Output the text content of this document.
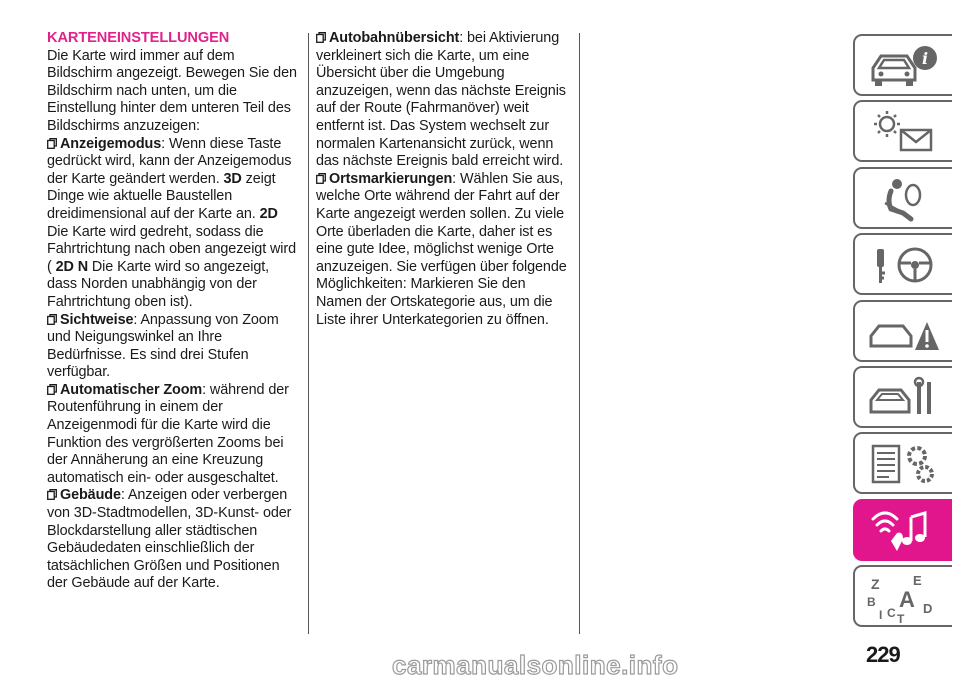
KARTENEINSTELLUNGEN

Die Karte wird immer auf dem Bildschirm angezeigt. Bewegen Sie den Bildschirm nach unten, um die Einstellung hinter dem unteren Teil des Bildschirms anzuzeigen:

Anzeigemodus: Wenn diese Taste gedrückt wird, kann der Anzeigemodus der Karte geändert werden. 3D zeigt Dinge wie aktuelle Baustellen dreidimensional auf der Karte an. 2D Die Karte wird gedreht, sodass die Fahrtrichtung nach oben angezeigt wird ( 2D N Die Karte wird so angezeigt, dass Norden unabhängig von der Fahrtrichtung oben ist).

Sichtweise: Anpassung von Zoom und Neigungswinkel an Ihre Bedürfnisse. Es sind drei Stufen verfügbar.

Automatischer Zoom: während der Routenführung in einem der Anzeigenmodi für die Karte wird die Funktion des vergrößerten Zooms bei der Annäherung an eine Kreuzung automatisch ein- oder ausgeschaltet.

Gebäude: Anzeigen oder verbergen von 3D-Stadtmodellen, 3D-Kunst- oder Blockdarstellung aller städtischen Gebäudedaten einschließlich der tatsächlichen Größen und Positionen der Gebäude auf der Karte.

Autobahnübersicht: bei Aktivierung verkleinert sich die Karte, um eine Übersicht über die Umgebung anzuzeigen, wenn das nächste Ereignis auf der Route (Fahrmanöver) weit entfernt ist. Das System wechselt zur normalen Kartenansicht zurück, wenn das nächste Ereignis bald erreicht wird.

Ortsmarkierungen: Wählen Sie aus, welche Orte während der Fahrt auf der Karte angezeigt werden sollen. Zu viele Orte überladen die Karte, daher ist es eine gute Idee, möglichst wenige Orte anzuzeigen. Sie verfügen über folgende Möglichkeiten: Markieren Sie den Namen der Ortskategorie aus, um die Liste ihrer Unterkategorien zu öffnen.

i
Z	E
B A D
I C T
229
carmanualsonline.info
